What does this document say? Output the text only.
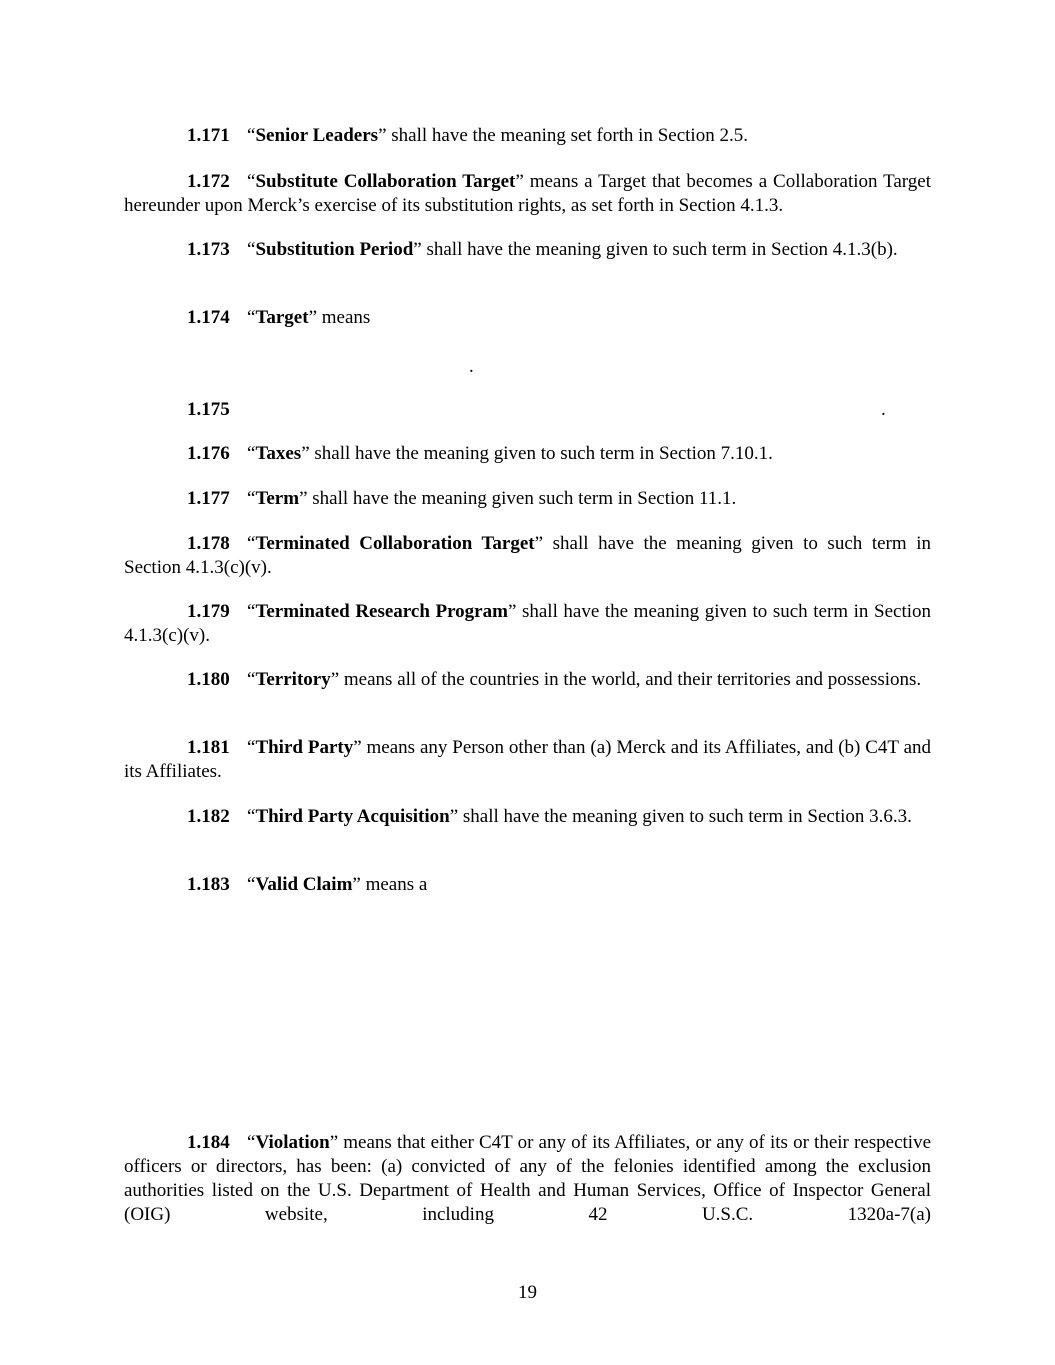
1.171 “Senior Leaders” shall have the meaning set forth in Section 2.5.

1.172 “Substitute Collaboration Target” means a Target that becomes a Collaboration Target hereunder upon Merck’s exercise of its substitution rights, as set forth in Section 4.1.3.

1.173 “Substitution Period” shall have the meaning given to such term in Section 4.1.3(b).

1.174 “Target” means

.

1.175	.

1.176 “Taxes” shall have the meaning given to such term in Section 7.10.1.

1.177 “Term” shall have the meaning given such term in Section 11.1.

1.178 “Terminated Collaboration Target” shall have the meaning given to such term in Section 4.1.3(c)(v).

1.179 “Terminated Research Program” shall have the meaning given to such term in Section 4.1.3(c)(v).

1.180 “Territory” means all of the countries in the world, and their territories and possessions.

1.181 “Third Party” means any Person other than (a) Merck and its Affiliates, and (b) C4T and its Affiliates.

1.182 “Third Party Acquisition” shall have the meaning given to such term in Section 3.6.3.

1.183 “Valid Claim” means a

1.184 “Violation” means that either C4T or any of its Affiliates, or any of its or their respective officers or directors, has been: (a) convicted of any of the felonies identified among the exclusion authorities listed on the U.S. Department of Health and Human Services, Office of Inspector General (OIG) website, including 42 U.S.C. 1320a-7(a)

19
